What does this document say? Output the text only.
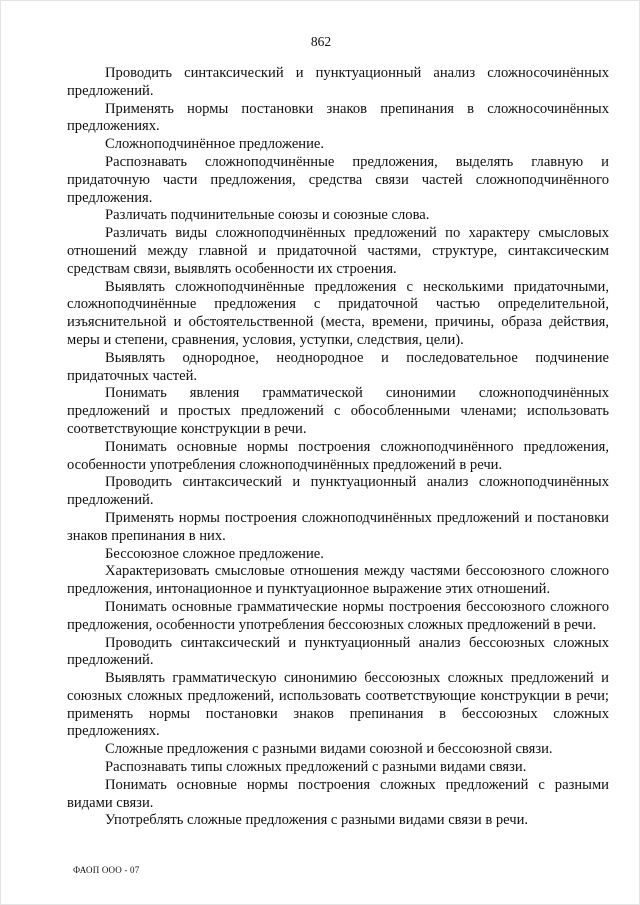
862

Проводить синтаксический и пунктуационный анализ сложносочинённых предложений.

Применять нормы постановки знаков препинания в сложносочинённых предложениях.

Сложноподчинённое предложение.

Распознавать сложноподчинённые предложения, выделять главную и придаточную части предложения, средства связи частей сложноподчинённого предложения.

Различать подчинительные союзы и союзные слова.

Различать виды сложноподчинённых предложений по характеру смысловых отношений между главной и придаточной частями, структуре, синтаксическим средствам связи, выявлять особенности их строения.

Выявлять сложноподчинённые предложения с несколькими придаточными, сложноподчинённые предложения с придаточной частью определительной, изъяснительной и обстоятельственной (места, времени, причины, образа действия, меры и степени, сравнения, условия, уступки, следствия, цели).

Выявлять однородное, неоднородное и последовательное подчинение придаточных частей.

Понимать явления грамматической синонимии сложноподчинённых предложений и простых предложений с обособленными членами; использовать соответствующие конструкции в речи.

Понимать основные нормы построения сложноподчинённого предложения, особенности употребления сложноподчинённых предложений в речи.

Проводить синтаксический и пунктуационный анализ сложноподчинённых предложений.

Применять нормы построения сложноподчинённых предложений и постановки знаков препинания в них.

Бессоюзное сложное предложение.

Характеризовать смысловые отношения между частями бессоюзного сложного предложения, интонационное и пунктуационное выражение этих отношений.

Понимать основные грамматические нормы построения бессоюзного сложного предложения, особенности употребления бессоюзных сложных предложений в речи.

Проводить синтаксический и пунктуационный анализ бессоюзных сложных предложений.

Выявлять грамматическую синонимию бессоюзных сложных предложений и союзных сложных предложений, использовать соответствующие конструкции в речи; применять нормы постановки знаков препинания в бессоюзных сложных предложениях.

Сложные предложения с разными видами союзной и бессоюзной связи.

Распознавать типы сложных предложений с разными видами связи.

Понимать основные нормы построения сложных предложений с разными видами связи.

Употреблять сложные предложения с разными видами связи в речи.

ФАОП ООО - 07
